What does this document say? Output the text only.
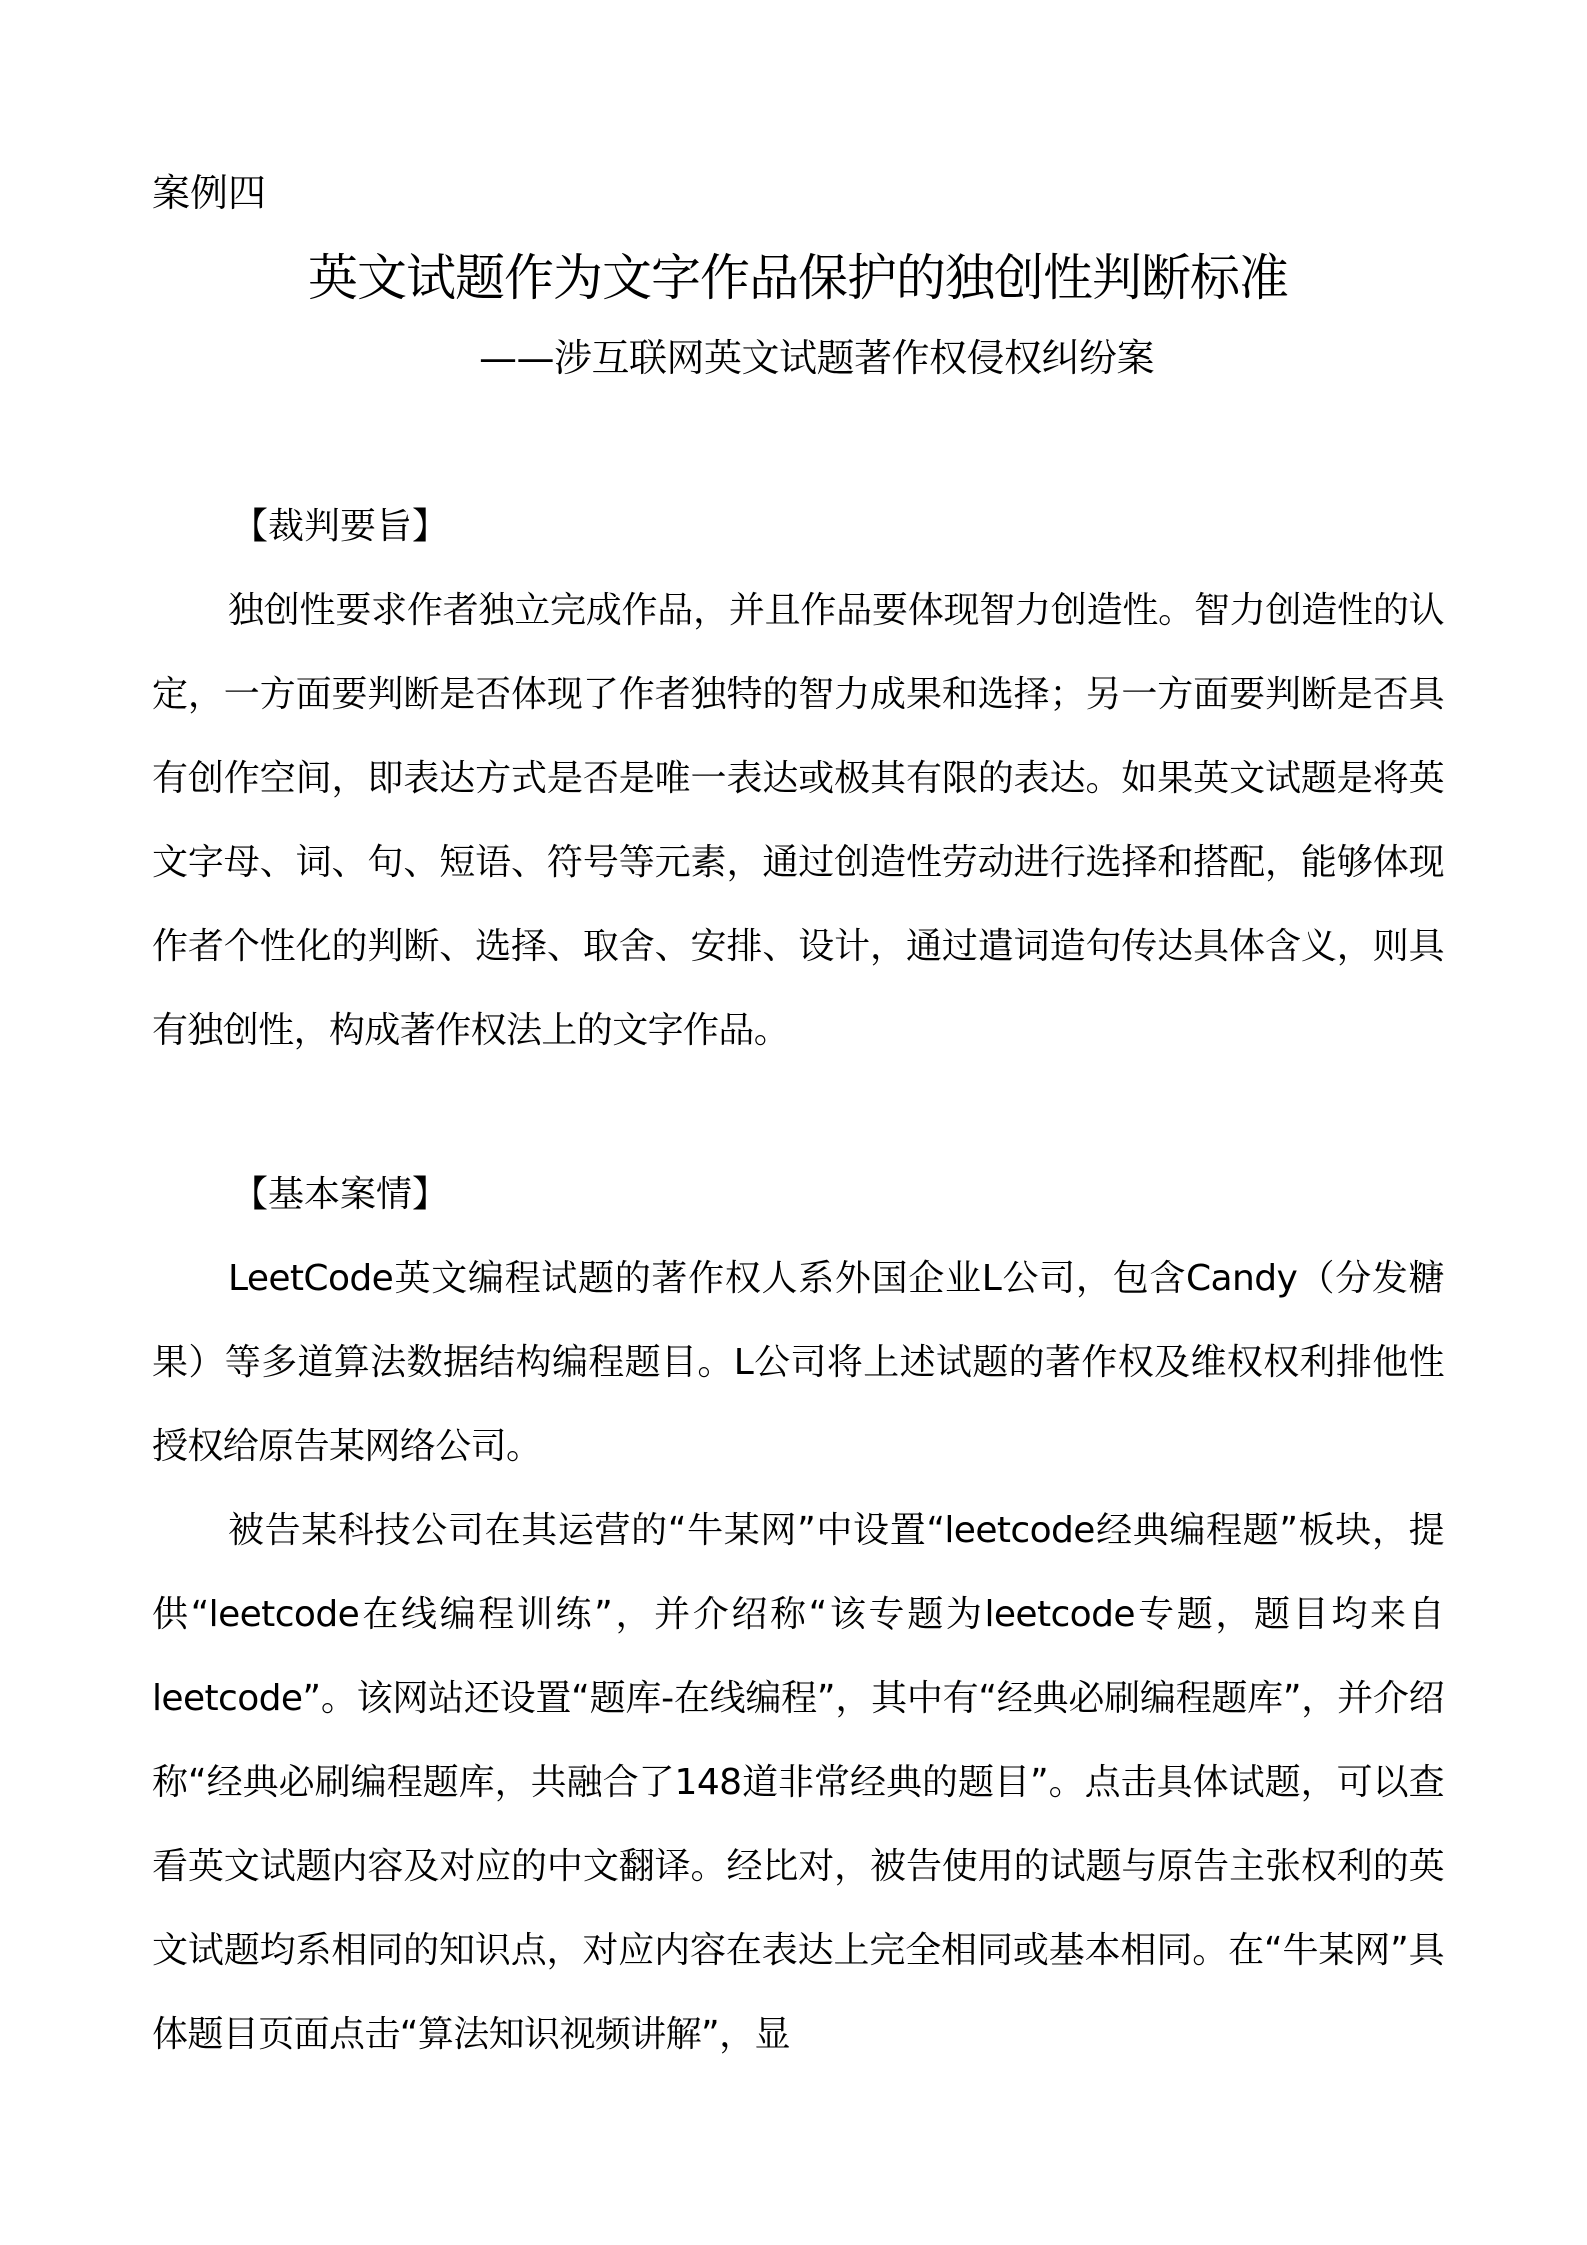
案例四
英文试题作为文字作品保护的独创性判断标准
——涉互联网英文试题著作权侵权纠纷案
【裁判要旨】

独创性要求作者独立完成作品，并且作品要体现智力创造性。智力创造性的认定，一方面要判断是否体现了作者独特的智力成果和选择；另一方面要判断是否具有创作空间，即表达方式是否是唯一表达或极其有限的表达。如果英文试题是将英文字母、词、句、短语、符号等元素，通过创造性劳动进行选择和搭配，能够体现作者个性化的判断、选择、取舍、安排、设计，通过遣词造句传达具体含义，则具有独创性，构成著作权法上的文字作品。

【基本案情】

LeetCode英文编程试题的著作权人系外国企业L公司，包含Candy（分发糖果）等多道算法数据结构编程题目。L公司将上述试题的著作权及维权权利排他性授权给原告某网络公司。

被告某科技公司在其运营的“牛某网”中设置“leetcode经典编程题”板块，提供“leetcode在线编程训练”，并介绍称“该专题为leetcode专题，题目均来自leetcode”。该网站还设置“题库-在线编程”，其中有“经典必刷编程题库”，并介绍称“经典必刷编程题库，共融合了148道非常经典的题目”。点击具体试题，可以查看英文试题内容及对应的中文翻译。经比对，被告使用的试题与原告主张权利的英文试题均系相同的知识点，对应内容在表达上完全相同或基本相同。在“牛某网”具体题目页面点击“算法知识视频讲解”，显
